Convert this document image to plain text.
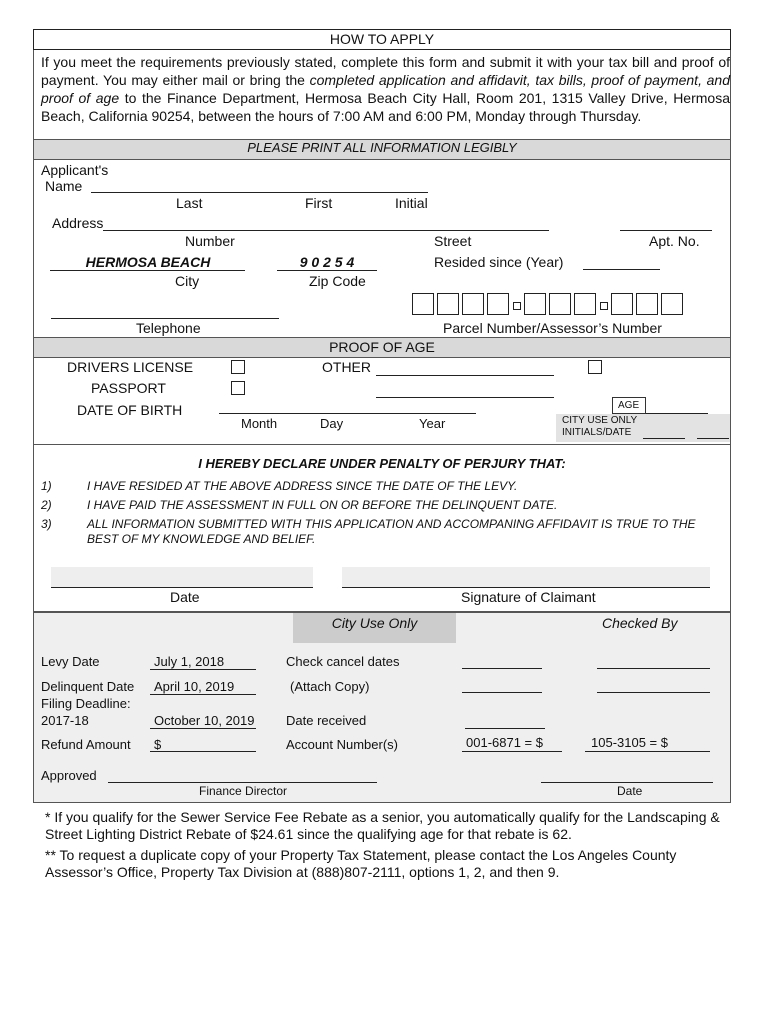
HOW TO APPLY
If you meet the requirements previously stated, complete this form and submit it with your tax bill and proof of payment. You may either mail or bring the completed application and affidavit, tax bills, proof of payment, and proof of age to the Finance Department, Hermosa Beach City Hall, Room 201, 1315 Valley Drive, Hermosa Beach, California 90254, between the hours of 7:00 AM and 6:00 PM, Monday through Thursday.
PLEASE PRINT ALL INFORMATION LEGIBLY
Applicant's
Name
Last	First	Initial
Address
Number	Street	Apt. No.
HERMOSA BEACH
City
9 0 2 5 4
Zip Code
Resided since (Year)
Telephone	Parcel Number/Assessor’s Number
PROOF OF AGE
DRIVERS LICENSE
PASSPORT
OTHER
DATE OF BIRTH
Month	Day	Year
AGE
CITY USE ONLY
INITIALS/DATE
I HEREBY DECLARE UNDER PENALTY OF PERJURY THAT:
1)	I HAVE RESIDED AT THE ABOVE ADDRESS SINCE THE DATE OF THE LEVY.
2)	I HAVE PAID THE ASSESSMENT IN FULL ON OR BEFORE THE DELINQUENT DATE.
3)	ALL INFORMATION SUBMITTED WITH THIS APPLICATION AND ACCOMPANING AFFIDAVIT IS TRUE TO THE BEST OF MY KNOWLEDGE AND BELIEF.
Date	Signature of Claimant
City Use Only	Checked By
Levy Date	July 1, 2018
Delinquent Date April 10, 2019
Filing Deadline:
2017-18	October 10, 2019
Refund Amount $
Check cancel dates
(Attach Copy)
Date received
Account Number(s)	001-6871 = $	105-3105 = $
Approved
Finance Director	Date
* If you qualify for the Sewer Service Fee Rebate as a senior, you automatically qualify for the Landscaping & Street Lighting District Rebate of $24.61 since the qualifying age for that rebate is 62.
** To request a duplicate copy of your Property Tax Statement, please contact the Los Angeles County Assessor’s Office, Property Tax Division at (888)807-2111, options 1, 2, and then 9.
